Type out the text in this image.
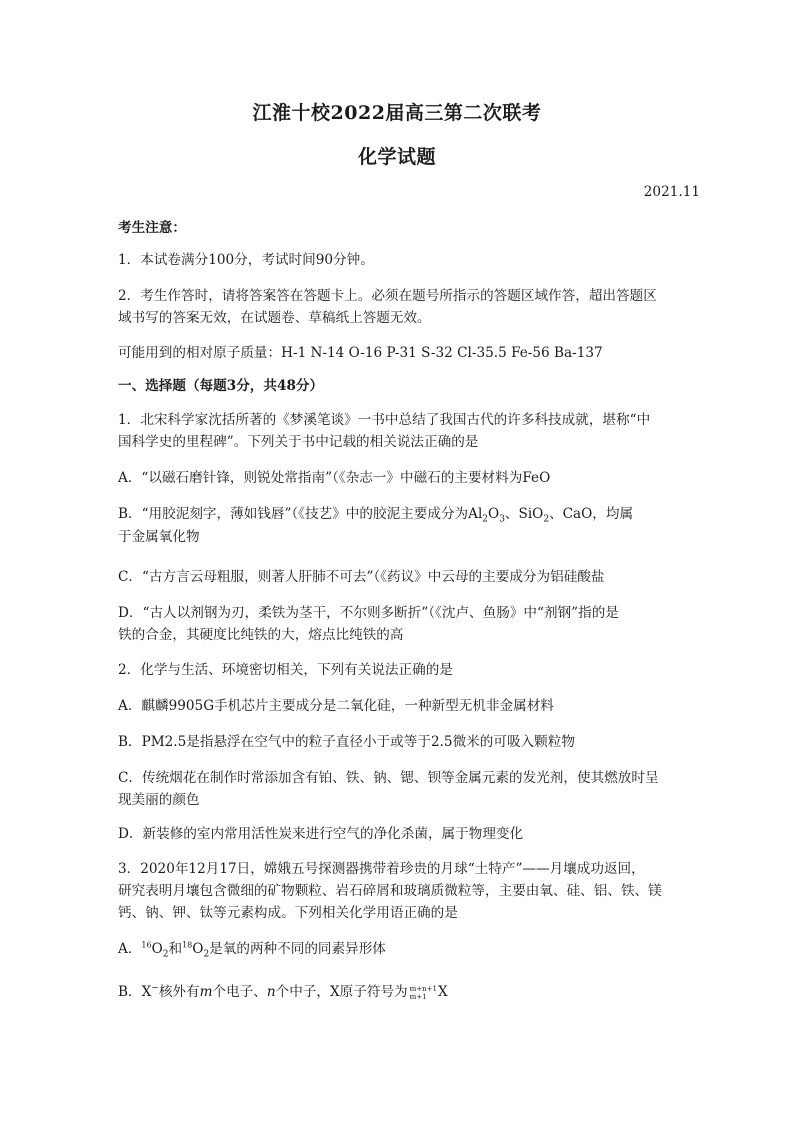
江淮十校2022届高三第二次联考
化学试题
2021.11
考生注意：
1．本试卷满分100分，考试时间90分钟。
2．考生作答时，请将答案答在答题卡上。必须在题号所指示的答题区域作答，超出答题区
域书写的答案无效，在试题卷、草稿纸上答题无效。
可能用到的相对原子质量：H-1 N-14 O-16 P-31 S-32 Cl-35.5 Fe-56 Ba-137
一、选择题（每题3分，共48分）
1．北宋科学家沈括所著的《梦溪笔谈》一书中总结了我国古代的许多科技成就，堪称“中
国科学史的里程碑”。下列关于书中记载的相关说法正确的是
A．“以磁石磨针锋，则锐处常指南”（《杂志一》中磁石的主要材料为FeO
B．“用胶泥刻字，薄如钱唇”（《技艺》中的胶泥主要成分为$Al_2O_3$、SiO$_2$、CaO，均属
于金属氧化物
C．“古方言云母粗服，则著人肝肺不可去”（《药议》中云母的主要成分为铝硅酸盐
D．“古人以剂钢为刃，柔铁为茎干，不尔则多断折”（《沈卢、鱼肠》中“剂钢”指的是
铁的合金，其硬度比纯铁的大，熔点比纯铁的高
2．化学与生活、环境密切相关，下列有关说法正确的是
A．麒麟9905G手机芯片主要成分是二氧化硅，一种新型无机非金属材料
B．PM2.5是指悬浮在空气中的粒子直径小于或等于2.5微米的可吸入颗粒物
C．传统烟花在制作时常添加含有铂、铁、钠、锶、钡等金属元素的发光剂，使其燃放时呈
现美丽的颜色
D．新装修的室内常用活性炭来进行空气的净化杀菌，属于物理变化
3．2020年12月17日，嫦娥五号探测器携带着珍贵的月球“土特产”——月壤成功返回，
研究表明月壤包含微细的矿物颗粒、岩石碎屑和玻璃质微粒等，主要由氧、硅、铝、铁、镁
钙、钠、钾、钛等元素构成。下列相关化学用语正确的是
A．$^{16}O_2$和$^{18}O_2$是氧的两种不同的同素异形体
B．X−核外有m个电子、n个中子，X原子符号为 m+n+1
m+1 X
